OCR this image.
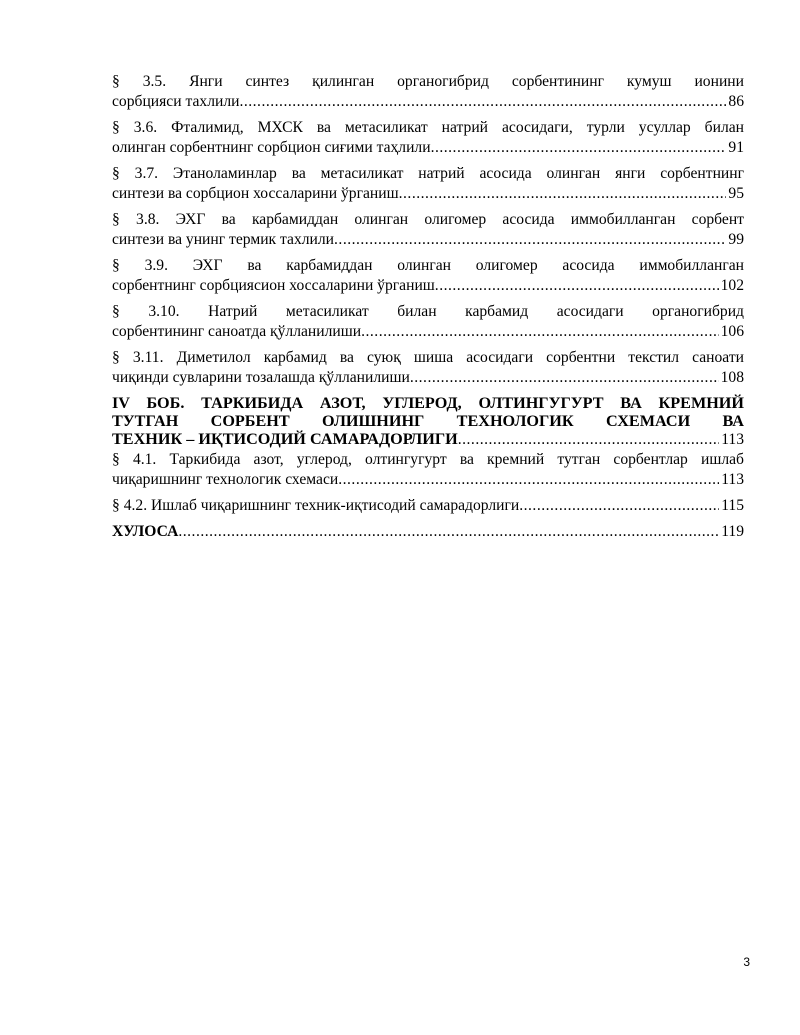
§ 3.5. Янги синтез қилинган органогибрид сорбентининг кумуш ионини
сорбцияси тахлили .....	86
§ 3.6. Фталимид, МХСК ва метасиликат натрий асосидаги, турли усуллар билан
олинган сорбентнинг сорбцион сиғими таҳлили .....	91
§ 3.7. Этаноламинлар ва метасиликат натрий асосида олинган янги сорбентнинг
синтези ва сорбцион хоссаларини ўрганиш .....	95
§ 3.8. ЭХГ ва карбамиддан олинган олигомер асосида иммобилланган сорбент
синтези ва унинг термик тахлили .....	99
§ 3.9. ЭХГ ва карбамиддан олинган олигомер асосида иммобилланган
сорбентнинг сорбциясион хоссаларини ўрганиш .....	102
§ 3.10. Натрий метасиликат билан карбамид асосидаги органогибрид
сорбентининг саноатда қўлланилиши .....	106
§ 3.11. Диметилол карбамид ва суюқ шиша асосидаги сорбентни текстил саноати
чиқинди сувларини тозалашда қўлланилиши .....	108
IV БОБ. ТАРКИБИДА АЗОТ, УГЛЕРОД, ОЛТИНГУГУРТ ВА КРЕМНИЙ
ТУТГАН СОРБЕНТ ОЛИШНИНГ ТЕХНОЛОГИК СХЕМАСИ ВА
ТЕХНИК – ИҚТИСОДИЙ САМАРАДОРЛИГИ .....	113
§ 4.1. Таркибида азот, углерод, олтингугурт ва кремний тутган сорбентлар ишлаб
чиқаришнинг технологик схемаси .....	113
§ 4.2. Ишлаб чиқаришнинг техник-иқтисодий самарадорлиги .....	115
ХУЛОСА .....	119
3
